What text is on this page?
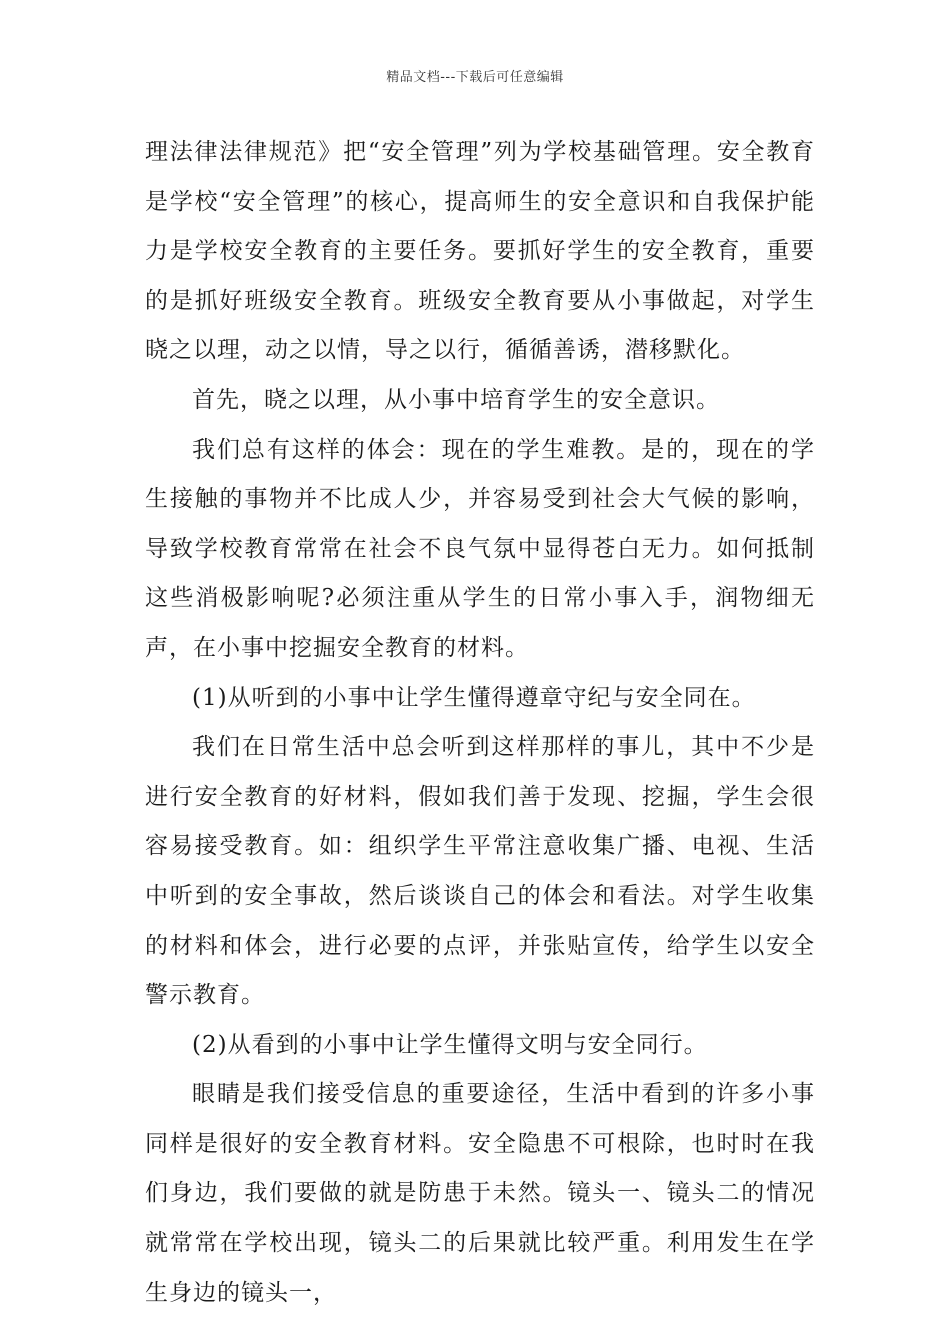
精品文档---下载后可任意编辑

理法律法律规范》把“安全管理”列为学校基础管理。安全教育是学校“安全管理”的核心，提高师生的安全意识和自我保护能力是学校安全教育的主要任务。要抓好学生的安全教育，重要的是抓好班级安全教育。班级安全教育要从小事做起，对学生晓之以理，动之以情，导之以行，循循善诱，潜移默化。

首先，晓之以理，从小事中培育学生的安全意识。

我们总有这样的体会：现在的学生难教。是的，现在的学生接触的事物并不比成人少，并容易受到社会大气候的影响，导致学校教育常常在社会不良气氛中显得苍白无力。如何抵制这些消极影响呢?必须注重从学生的日常小事入手，润物细无声，在小事中挖掘安全教育的材料。

(1)从听到的小事中让学生懂得遵章守纪与安全同在。

我们在日常生活中总会听到这样那样的事儿，其中不少是进行安全教育的好材料，假如我们善于发现、挖掘，学生会很容易接受教育。如：组织学生平常注意收集广播、电视、生活中听到的安全事故，然后谈谈自己的体会和看法。对学生收集的材料和体会，进行必要的点评，并张贴宣传，给学生以安全警示教育。

(2)从看到的小事中让学生懂得文明与安全同行。

眼睛是我们接受信息的重要途径，生活中看到的许多小事同样是很好的安全教育材料。安全隐患不可根除，也时时在我们身边，我们要做的就是防患于未然。镜头一、镜头二的情况就常常在学校出现，镜头二的后果就比较严重。利用发生在学生身边的镜头一，
